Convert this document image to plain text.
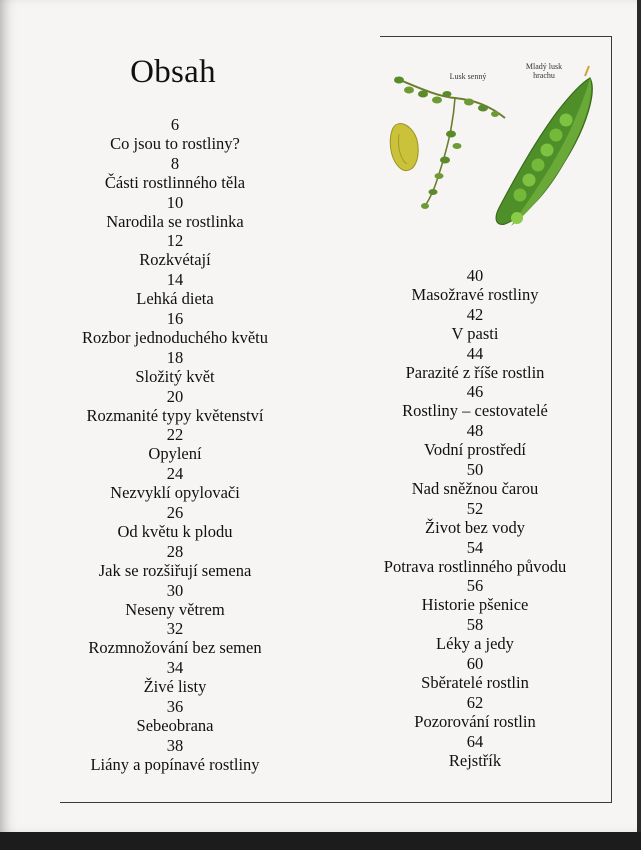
Obsah
6
Co jsou to rostliny?
8
Části rostlinného těla
10
Narodila se rostlinka
12
Rozkvétají
14
Lehká dieta
16
Rozbor jednoduchého květu
18
Složitý květ
20
Rozmanité typy květenství
22
Opylení
24
Nezvyklí opylovači
26
Od květu k plodu
28
Jak se rozšiřují semena
30
Neseny větrem
32
Rozmnožování bez semen
34
Živé listy
36
Sebeobrana
38
Liány a popínavé rostliny
40
Masožravé rostliny
42
V pasti
44
Parazité z říše rostlin
46
Rostliny – cestovatelé
48
Vodní prostředí
50
Nad sněžnou čarou
52
Život bez vody
54
Potrava rostlinného původu
56
Historie pšenice
58
Léky a jedy
60
Sběratelé rostlin
62
Pozorování rostlin
64
Rejstřík
Lusk senný
Mladý lusk
hrachu
